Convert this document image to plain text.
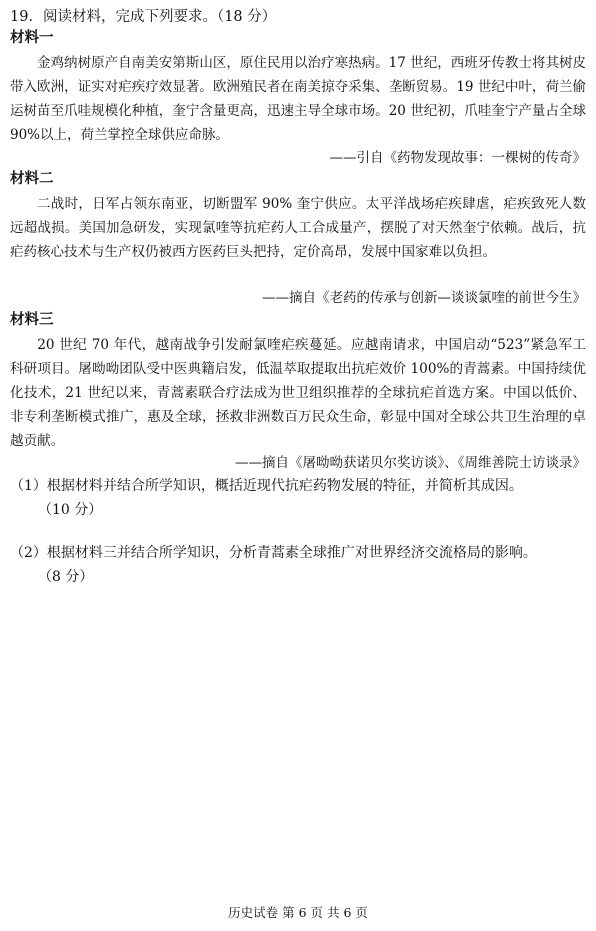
19．阅读材料，完成下列要求。（18 分）
材料一

金鸡纳树原产自南美安第斯山区，原住民用以治疗寒热病。17 世纪，西班牙传教士将其树皮带入欧洲，证实对疟疾疗效显著。欧洲殖民者在南美掠夺采集、垄断贸易。19 世纪中叶，荷兰偷运树苗至爪哇规模化种植，奎宁含量更高，迅速主导全球市场。20 世纪初，爪哇奎宁产量占全球 90%以上，荷兰掌控全球供应命脉。

——引自《药物发现故事：一棵树的传奇》
材料二

二战时，日军占领东南亚，切断盟军 90% 奎宁供应。太平洋战场疟疾肆虐，疟疾致死人数远超战损。美国加急研发，实现氯喹等抗疟药人工合成量产，摆脱了对天然奎宁依赖。战后，抗疟药核心技术与生产权仍被西方医药巨头把持，定价高昂，发展中国家难以负担。

——摘自《老药的传承与创新—谈谈氯喹的前世今生》
材料三

20 世纪 70 年代，越南战争引发耐氯喹疟疾蔓延。应越南请求，中国启动“523”紧急军工科研项目。屠呦呦团队受中医典籍启发，低温萃取提取出抗疟效价 100%的青蒿素。中国持续优化技术，21 世纪以来，青蒿素联合疗法成为世卫组织推荐的全球抗疟首选方案。中国以低价、非专利垄断模式推广，惠及全球，拯救非洲数百万民众生命，彰显中国对全球公共卫生治理的卓越贡献。

——摘自《屠呦呦获诺贝尔奖访谈》、《周维善院士访谈录》
（1）根据材料并结合所学知识，概括近现代抗疟药物发展的特征，并简析其成因。
（10 分）
（2）根据材料三并结合所学知识，分析青蒿素全球推广对世界经济交流格局的影响。
（8 分）
历史试卷 第 6 页 共 6 页
